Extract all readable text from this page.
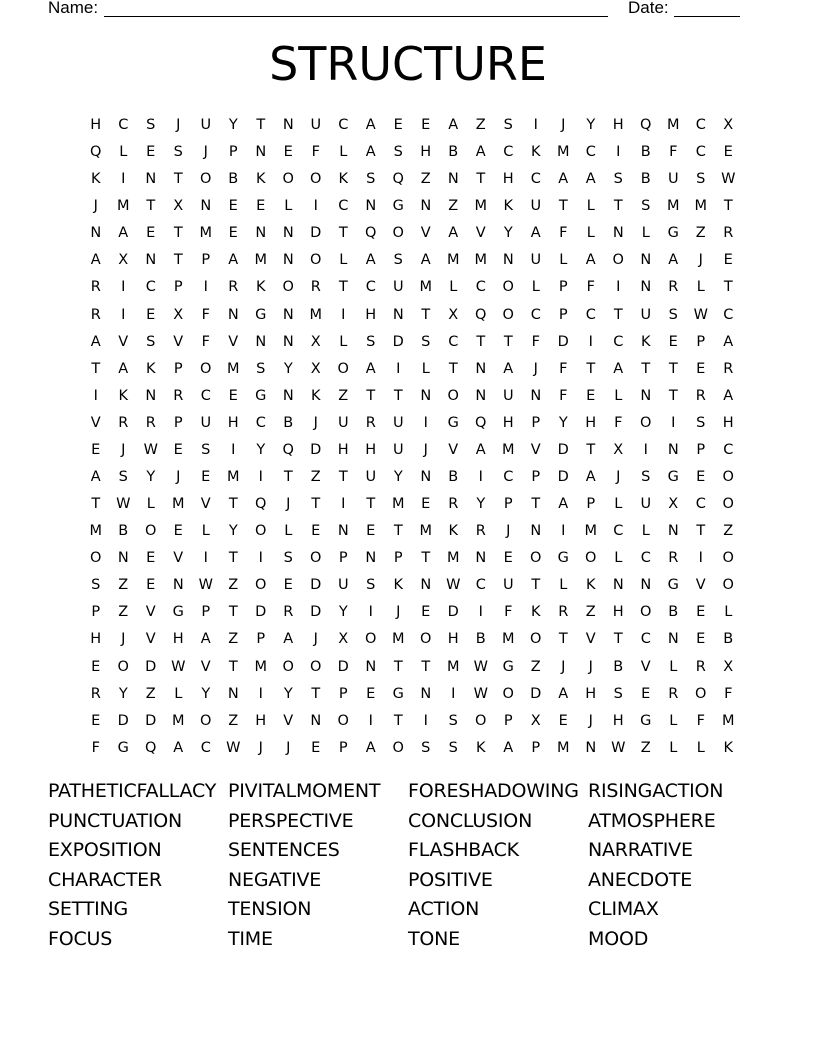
Name:	Date:
STRUCTURE
H	C	S	J	U	Y	T	N	U	C	A	E	E	A	Z	S	I	J	Y	H	Q	M	C	X
Q	L	E	S	J	P	N	E	F	L	A	S	H	B	A	C	K	M	C	I	B	F	C	E
K	I	N	T	O	B	K	O	O	K	S	Q	Z	N	T	H	C	A	A	S	B	U	S	W
J	M	T	X	N	E	E	L	I	C	N	G	N	Z	M	K	U	T	L	T	S	M	M	T
N	A	E	T	M	E	N	N	D	T	Q	O	V	A	V	Y	A	F	L	N	L	G	Z	R
A	X	N	T	P	A	M	N	O	L	A	S	A	M	M	N	U	L	A	O	N	A	J	E
R	I	C	P	I	R	K	O	R	T	C	U	M	L	C	O	L	P	F	I	N	R	L	T
R	I	E	X	F	N	G	N	M	I	H	N	T	X	Q	O	C	P	C	T	U	S	W	C
A	V	S	V	F	V	N	N	X	L	S	D	S	C	T	T	F	D	I	C	K	E	P	A
T	A	K	P	O	M	S	Y	X	O	A	I	L	T	N	A	J	F	T	A	T	T	E	R
I	K	N	R	C	E	G	N	K	Z	T	T	N	O	N	U	N	F	E	L	N	T	R	A
V	R	R	P	U	H	C	B	J	U	R	U	I	G	Q	H	P	Y	H	F	O	I	S	H
E	J	W	E	S	I	Y	Q	D	H	H	U	J	V	A	M	V	D	T	X	I	N	P	C
A	S	Y	J	E	M	I	T	Z	T	U	Y	N	B	I	C	P	D	A	J	S	G	E	O
T	W	L	M	V	T	Q	J	T	I	T	M	E	R	Y	P	T	A	P	L	U	X	C	O
M	B	O	E	L	Y	O	L	E	N	E	T	M	K	R	J	N	I	M	C	L	N	T	Z
O	N	E	V	I	T	I	S	O	P	N	P	T	M	N	E	O	G	O	L	C	R	I	O
S	Z	E	N	W	Z	O	E	D	U	S	K	N	W	C	U	T	L	K	N	N	G	V	O
P	Z	V	G	P	T	D	R	D	Y	I	J	E	D	I	F	K	R	Z	H	O	B	E	L
H	J	V	H	A	Z	P	A	J	X	O	M	O	H	B	M	O	T	V	T	C	N	E	B
E	O	D	W	V	T	M	O	O	D	N	T	T	M W	G	Z	J	J	B	V	L	R	X
R	Y	Z	L	Y	N	I	Y	T	P	E	G	N	I	W	O	D	A	H	S	E	R	O	F
E	D	D	M	O	Z	H	V	N	O	I	T	I	S	O	P	X	E	J	H	G	L	F	M
F	G	Q	A	C	W	J	J	E	P	A	O	S	S	K	A	P	M	N	W	Z	L	L	K
PATHETICFALLACY PIVITALMOMENT FORESHADOWING RISINGACTION
PUNCTUATION PERSPECTIVE	CONCLUSION	ATMOSPHERE
EXPOSITION	SENTENCES	FLASHBACK	NARRATIVE
CHARACTER	NEGATIVE	POSITIVE	ANECDOTE
SETTING	TENSION	ACTION	CLIMAX
FOCUS	TIME	TONE	MOOD
